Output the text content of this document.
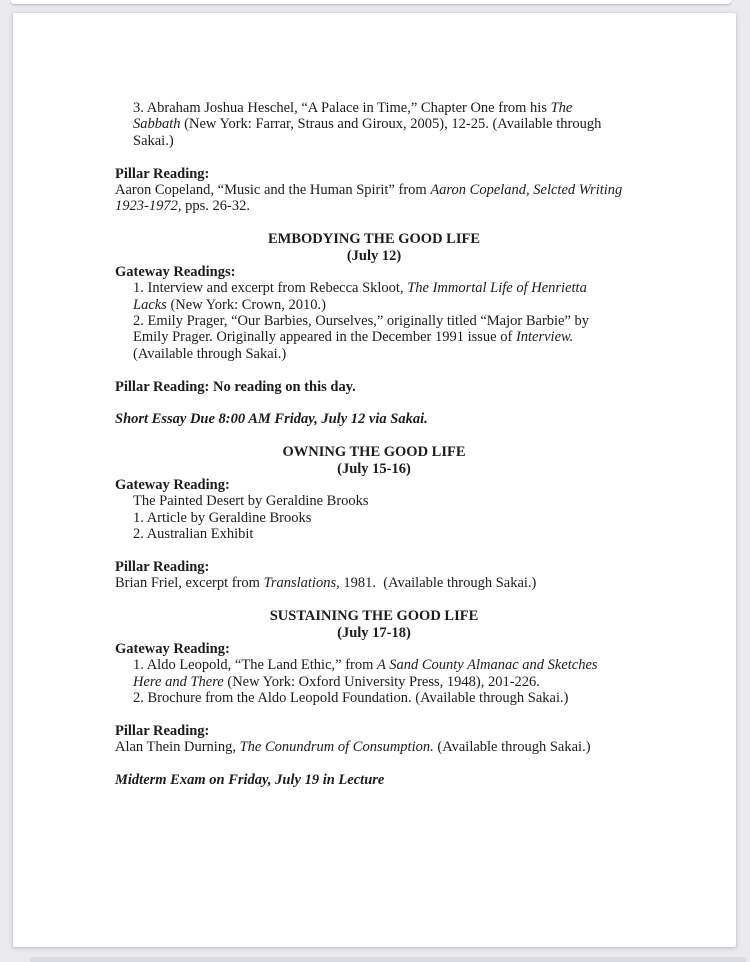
3. Abraham Joshua Heschel, “A Palace in Time,” Chapter One from his The
Sabbath (New York: Farrar, Straus and Giroux, 2005), 12-25. (Available through
Sakai.)
Pillar Reading:
Aaron Copeland, “Music and the Human Spirit” from Aaron Copeland, Selcted Writing
1923-1972, pps. 26-32.
EMBODYING THE GOOD LIFE
(July 12)
Gateway Readings:
1. Interview and excerpt from Rebecca Skloot, The Immortal Life of Henrietta
Lacks (New York: Crown, 2010.)
2. Emily Prager, “Our Barbies, Ourselves,” originally titled “Major Barbie” by
Emily Prager. Originally appeared in the December 1991 issue of Interview.
(Available through Sakai.)
Pillar Reading: No reading on this day.
Short Essay Due 8:00 AM Friday, July 12 via Sakai.
OWNING THE GOOD LIFE
(July 15-16)
Gateway Reading:
The Painted Desert by Geraldine Brooks
1. Article by Geraldine Brooks
2. Australian Exhibit
Pillar Reading:
Brian Friel, excerpt from Translations, 1981.  (Available through Sakai.)
SUSTAINING THE GOOD LIFE
(July 17-18)
Gateway Reading:
1. Aldo Leopold, “The Land Ethic,” from A Sand County Almanac and Sketches
Here and There (New York: Oxford University Press, 1948), 201-226.
2. Brochure from the Aldo Leopold Foundation. (Available through Sakai.)
Pillar Reading:
Alan Thein Durning, The Conundrum of Consumption. (Available through Sakai.)
Midterm Exam on Friday, July 19 in Lecture
